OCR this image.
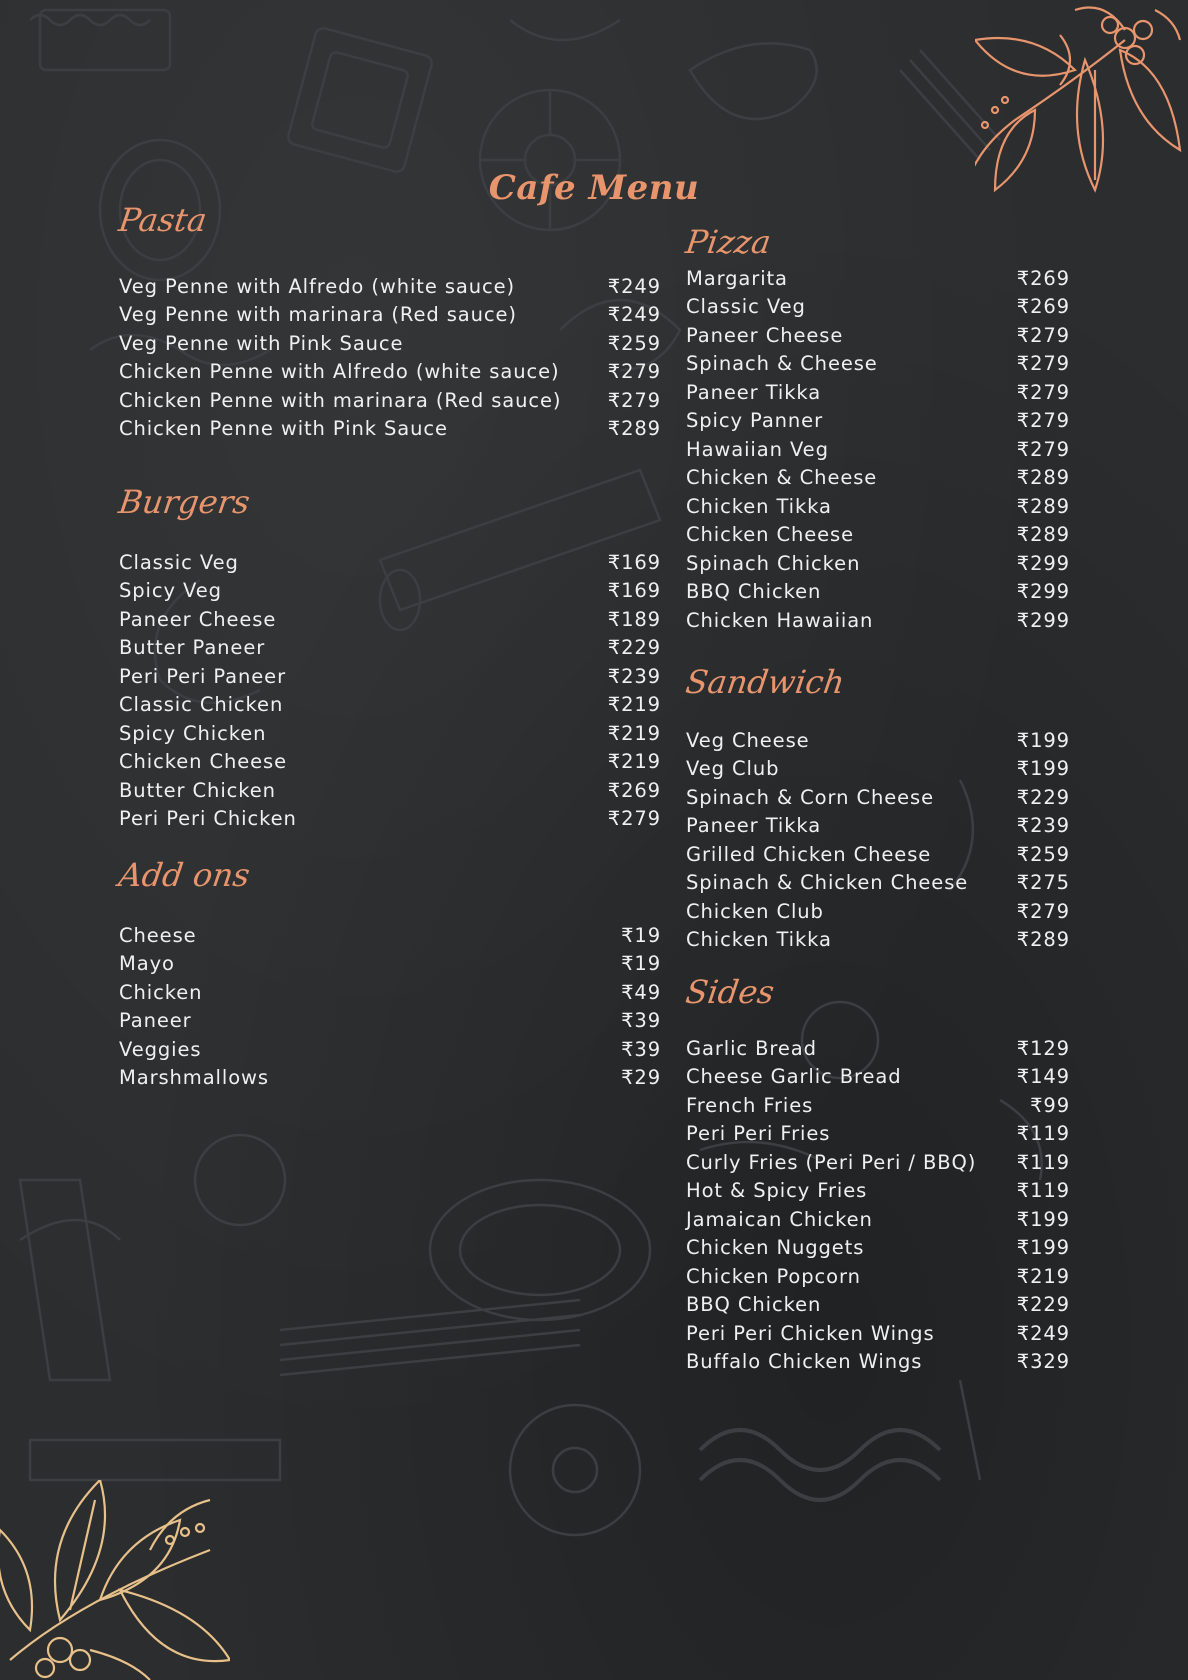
Cafe Menu
Pasta
Veg Penne with Alfredo (white sauce)	₹249
Veg Penne with marinara (Red sauce)	₹249
Veg Penne with Pink Sauce	₹259
Chicken Penne with Alfredo (white sauce) ₹279
Chicken Penne with marinara (Red sauce) ₹279
Chicken Penne with Pink Sauce	₹289
Burgers
Classic Veg	₹169
Spicy Veg	₹169
Paneer Cheese	₹189
Butter Paneer	₹229
Peri Peri Paneer	₹239
Classic Chicken	₹219
Spicy Chicken	₹219
Chicken Cheese	₹219
Butter Chicken	₹269
Peri Peri Chicken	₹279
Add ons
Cheese	₹19
Mayo	₹19
Chicken	₹49
Paneer	₹39
Veggies	₹39
Marshmallows	₹29
Pizza
Margarita	₹269
Classic Veg	₹269
Paneer Cheese	₹279
Spinach & Cheese	₹279
Paneer Tikka	₹279
Spicy Panner	₹279
Hawaiian Veg	₹279
Chicken & Cheese	₹289
Chicken Tikka	₹289
Chicken Cheese	₹289
Spinach Chicken	₹299
BBQ Chicken	₹299
Chicken Hawaiian	₹299
Sandwich
Veg Cheese	₹199
Veg Club	₹199
Spinach & Corn Cheese	₹229
Paneer Tikka	₹239
Grilled Chicken Cheese	₹259
Spinach & Chicken Cheese ₹275
Chicken Club	₹279
Chicken Tikka	₹289
Sides
Garlic Bread	₹129
Cheese Garlic Bread	₹149
French Fries	₹99
Peri Peri Fries	₹119
Curly Fries (Peri Peri / BBQ) ₹119
Hot & Spicy Fries	₹119
Jamaican Chicken	₹199
Chicken Nuggets	₹199
Chicken Popcorn	₹219
BBQ Chicken	₹229
Peri Peri Chicken Wings	₹249
Buffalo Chicken Wings	₹329
